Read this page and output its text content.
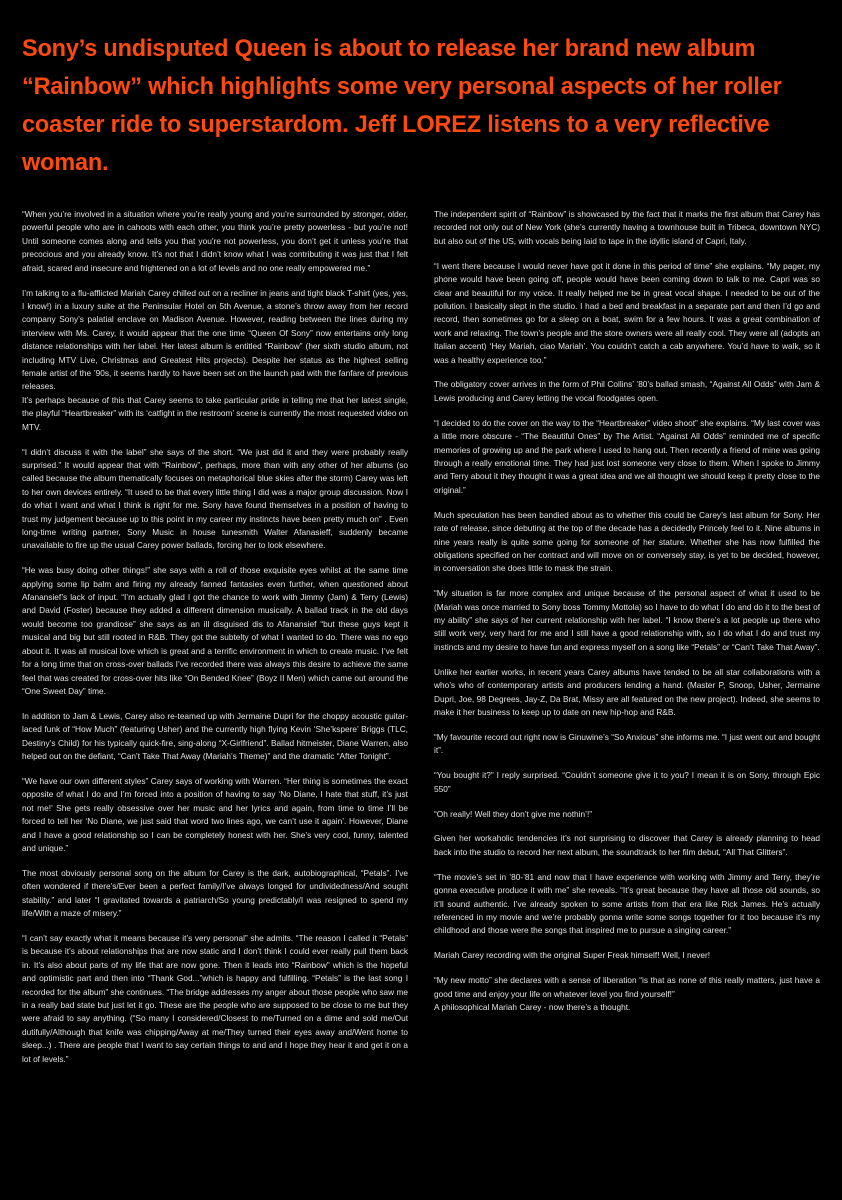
Sony’s undisputed Queen is about to release her brand new album “Rainbow” which highlights some very personal aspects of her roller coaster ride to superstardom. Jeff LOREZ listens to a very reflective woman.

“When you’re involved in a situation where you’re really young and you’re surrounded by stronger, older, powerful people who are in cahoots with each other, you think you’re pretty powerless - but you’re not! Until someone comes along and tells you that you’re not powerless, you don’t get it unless you’re that precocious and you already know. It’s not that I didn’t know what I was contributing it was just that I felt afraid, scared and insecure and frightened on a lot of levels and no one really empowered me.”

I’m talking to a flu-afflicted Mariah Carey chilled out on a recliner in jeans and tight black T-shirt (yes, yes, I know!) in a luxury suite at the Peninsular Hotel on 5th Avenue, a stone’s throw away from her record company Sony’s palatial enclave on Madison Avenue. However, reading between the lines during my interview with Ms. Carey, it would appear that the one time “Queen Of Sony” now entertains only long distance relationships with her label. Her latest album is entitled “Rainbow” (her sixth studio album, not including MTV Live, Christmas and Greatest Hits projects). Despite her status as the highest selling female artist of the ’90s, it seems hardly to have been set on the launch pad with the fanfare of previous releases.

It’s perhaps because of this that Carey seems to take particular pride in telling me that her latest single, the playful “Heartbreaker” with its ‘catfight in the restroom’ scene is currently the most requested video on MTV.

“I didn’t discuss it with the label” she says of the short. “We just did it and they were probably really surprised.” It would appear that with “Rainbow”, perhaps, more than with any other of her albums (so called because the album thematically focuses on metaphorical blue skies after the storm) Carey was left to her own devices entirely. “It used to be that every little thing I did was a major group discussion. Now I do what I want and what I think is right for me. Sony have found themselves in a position of having to trust my judgement because up to this point in my career my instincts have been pretty much on” . Even long-time writing partner, Sony Music in house tunesmith Walter Afanasieff, suddenly became unavailable to fire up the usual Carey power ballads, forcing her to look elsewhere.

“He was busy doing other things!” she says with a roll of those exquisite eyes whilst at the same time applying some lip balm and firing my already fanned fantasies even further, when questioned about Afanansief’s lack of input. “I’m actually glad I got the chance to work with Jimmy (Jam) & Terry (Lewis) and David (Foster) because they added a different dimension musically. A ballad track in the old days would become too grandiose” she says as an ill disguised dis to Afanansief “but these guys kept it musical and big but still rooted in R&B. They got the subtelty of what I wanted to do. There was no ego about it. It was all musical love which is great and a terrific environment in which to create music. I’ve felt for a long time that on cross-over ballads I’ve recorded there was always this desire to achieve the same feel that was created for cross-over hits like “On Bended Knee” (Boyz II Men) which came out around the “One Sweet Day” time.

In addition to Jam & Lewis, Carey also re-teamed up with Jermaine Dupri for the choppy acoustic guitar-laced funk of “How Much” (featuring Usher) and the currently high flying Kevin ‘She’kspere’ Briggs (TLC, Destiny’s Child) for his typically quick-fire, sing-along “X-Girlfriend”. Ballad hitmeister, Diane Warren, also helped out on the defiant, “Can’t Take That Away (Mariah’s Theme)” and the dramatic “After Tonight”.

“We have our own different styles” Carey says of working with Warren. “Her thing is sometimes the exact opposite of what I do and I’m forced into a position of having to say ‘No Diane, I hate that stuff, it’s just not me!’ She gets really obsessive over her music and her lyrics and again, from time to time I’ll be forced to tell her ‘No Diane, we just said that word two lines ago, we can’t use it again’. However, Diane and I have a good relationship so I can be completely honest with her. She’s very cool, funny, talented and unique.”

The most obviously personal song on the album for Carey is the dark, autobiographical, “Petals”. I’ve often wondered if there’s/Ever been a perfect family/I’ve always longed for undividedness/And sought stability.” and later “I gravitated towards a patriarch/So young predictably/I was resigned to spend my life/With a maze of misery.”

“I can’t say exactly what it means because it’s very personal” she admits. “The reason I called it “Petals” is because it’s about relationships that are now static and I don’t think I could ever really pull them back in. It’s also about parts of my life that are now gone. Then it leads into “Rainbow” which is the hopeful and optimistic part and then into “Thank God...”which is happy and fulfilling. “Petals” is the last song I recorded for the album” she continues. “The bridge addresses my anger about those people who saw me in a really bad state but just let it go. These are the people who are supposed to be close to me but they were afraid to say anything. (“So many I considered/Closest to me/Turned on a dime and sold me/Out dutifully/Although that knife was chipping/Away at me/They turned their eyes away and/Went home to sleep...) . There are people that I want to say certain things to and and I hope they hear it and get it on a lot of levels.”

The independent spirit of “Rainbow” is showcased by the fact that it marks the first album that Carey has recorded not only out of New York (she’s currently having a townhouse built in Tribeca, downtown NYC) but also out of the US, with vocals being laid to tape in the idyllic island of Capri, Italy.

“I went there because I would never have got it done in this period of time” she explains. “My pager, my phone would have been going off, people would have been coming down to talk to me. Capri was so clear and beautiful for my voice. It really helped me be in great vocal shape. I needed to be out of the pollution. I basically slept in the studio. I had a bed and breakfast in a separate part and then I’d go and record, then sometimes go for a sleep on a boat, swim for a few hours. It was a great combination of work and relaxing. The town’s people and the store owners were all really cool. They were all (adopts an Italian accent) ‘Hey Mariah, ciao Mariah’. You couldn’t catch a cab anywhere. You’d have to walk, so it was a healthy experience too.”

The obligatory cover arrives in the form of Phil Collins’ ’80’s ballad smash, “Against All Odds” with Jam & Lewis producing and Carey letting the vocal floodgates open.

“I decided to do the cover on the way to the “Heartbreaker” video shoot” she explains. “My last cover was a little more obscure - “The Beautiful Ones” by The Artist. “Against All Odds” reminded me of specific memories of growing up and the park where I used to hang out. Then recently a friend of mine was going through a really emotional time. They had just lost someone very close to them. When I spoke to Jimmy and Terry about it they thought it was a great idea and we all thought we should keep it pretty close to the original.”

Much speculation has been bandied about as to whether this could be Carey’s last album for Sony. Her rate of release, since debuting at the top of the decade has a decidedly Princely feel to it. Nine albums in nine years really is quite some going for someone of her stature. Whether she has now fulfilled the obligations specified on her contract and will move on or conversely stay, is yet to be decided, however, in conversation she does little to mask the strain.

“My situation is far more complex and unique because of the personal aspect of what it used to be (Mariah was once married to Sony boss Tommy Mottola) so I have to do what I do and do it to the best of my ability” she says of her current relationship with her label. “I know there’s a lot people up there who still work very, very hard for me and I still have a good relationship with, so I do what I do and trust my instincts and my desire to have fun and express myself on a song like “Petals” or “Can’t Take That Away”.

Unlike her earlier works, in recent years Carey albums have tended to be all star collaborations with a who’s who of contemporary artists and producers lending a hand. (Master P, Snoop, Usher, Jermaine Dupri, Joe, 98 Degrees, Jay-Z, Da Brat, Missy are all featured on the new project). Indeed, she seems to make it her business to keep up to date on new hip-hop and R&B.

“My favourite record out right now is Ginuwine’s “So Anxious” she informs me. “I just went out and bought it”.

“You bought it?” I reply surprised. “Couldn’t someone give it to you? I mean it is on Sony, through Epic 550”

“Oh really! Well they don’t give me nothin’!”

Given her workaholic tendencies it’s not surprising to discover that Carey is already planning to head back into the studio to record her next album, the soundtrack to her film debut, “All That Glitters”.

“The movie’s set in ’80-’81 and now that I have experience with working with Jimmy and Terry, they’re gonna executive produce it with me” she reveals. “It’s great because they have all those old sounds, so it’ll sound authentic. I’ve already spoken to some artists from that era like Rick James. He’s actually referenced in my movie and we’re probably gonna write some songs together for it too because it’s my childhood and those were the songs that inspired me to pursue a singing career.”

Mariah Carey recording with the original Super Freak himself! Well, I never!

“My new motto” she declares with a sense of liberation “is that as none of this really matters, just have a good time and enjoy your life on whatever level you find yourself!”

A philosophical Mariah Carey - now there’s a thought.
